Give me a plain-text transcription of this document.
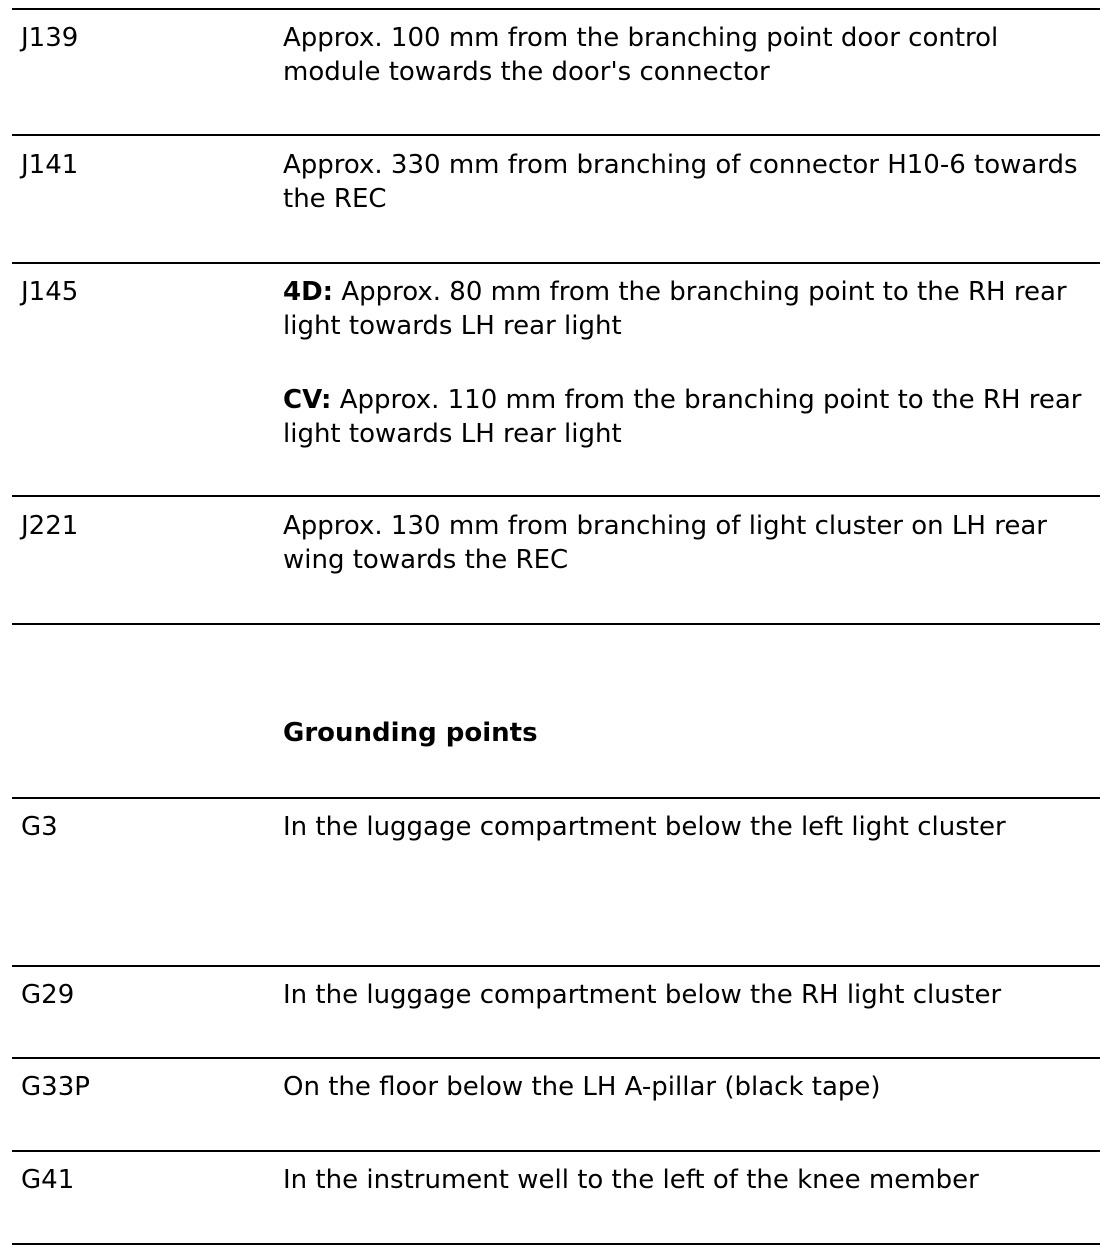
J139	Approx. 100 mm from the branching point door control module towards the door's connector
J141	Approx. 330 mm from branching of connector H10-6 towards the REC
J145	4D: Approx. 80 mm from the branching point to the RH rear light towards LH rear light

CV: Approx. 110 mm from the branching point to the RH rear light towards LH rear light

J221	Approx. 130 mm from branching of light cluster on LH rear wing towards the REC
Grounding points
G3	In the luggage compartment below the left light cluster
G29	In the luggage compartment below the RH light cluster
G33P	On the floor below the LH A-pillar (black tape)
G41	In the instrument well to the left of the knee member
